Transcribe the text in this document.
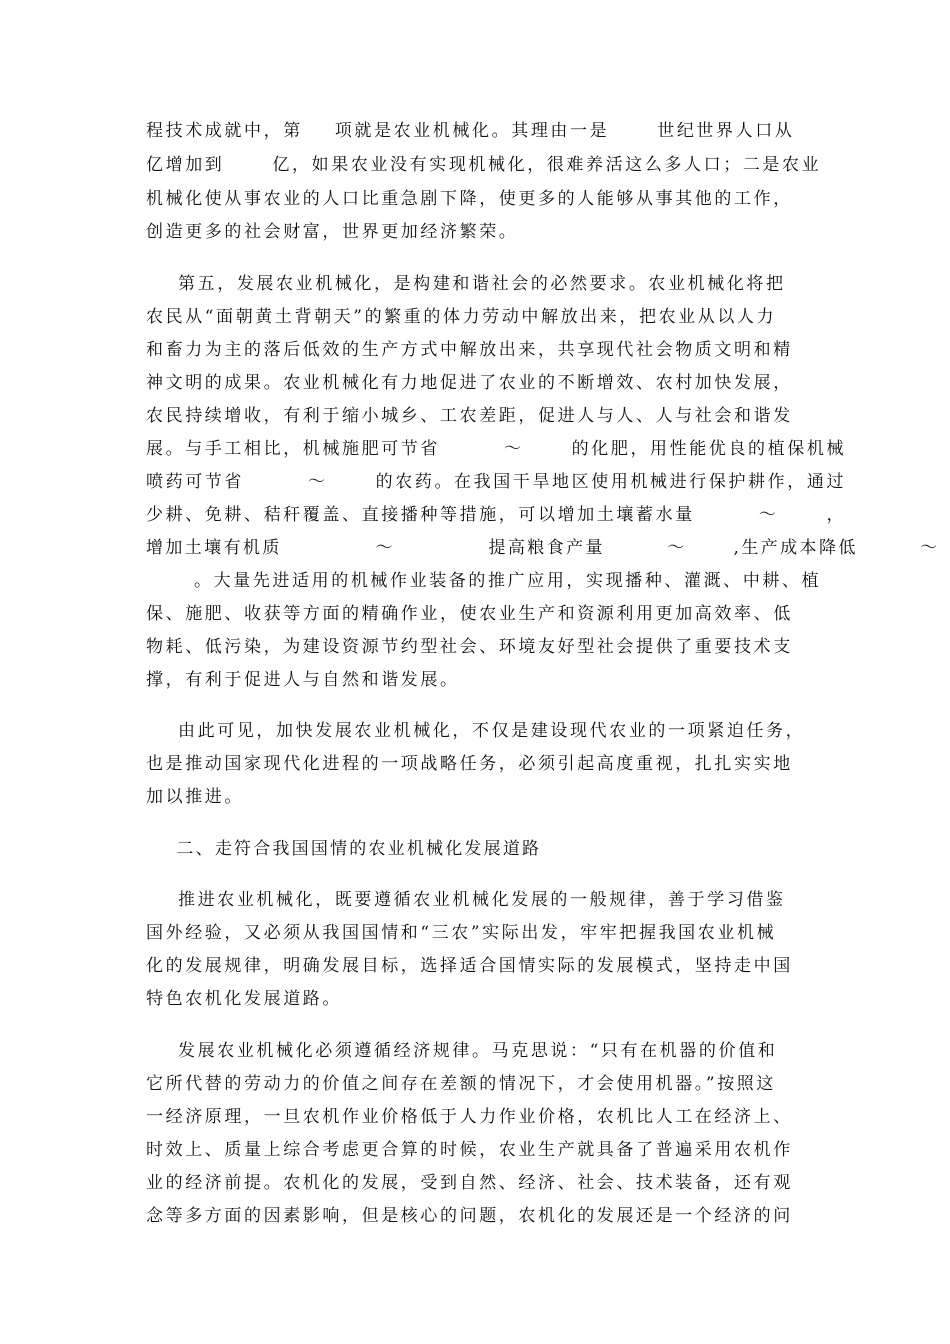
程技术成就中，第    项就是农业机械化。其理由一是      世纪世界人口从
亿增加到      亿，如果农业没有实现机械化，很难养活这么多人口；二是农业
机械化使从事农业的人口比重急剧下降，使更多的人能够从事其他的工作，
创造更多的社会财富，世界更加经济繁荣。
第五，发展农业机械化，是构建和谐社会的必然要求。农业机械化将把
农民从“面朝黄土背朝天”的繁重的体力劳动中解放出来，把农业从以人力
和畜力为主的落后低效的生产方式中解放出来，共享现代社会物质文明和精
神文明的成果。农业机械化有力地促进了农业的不断增效、农村加快发展，
农民持续增收，有利于缩小城乡、工农差距，促进人与人、人与社会和谐发
展。与手工相比，机械施肥可节省        ～      的化肥，用性能优良的植保机械
喷药可节省        ～      的农药。在我国干旱地区使用机械进行保护耕作，通过
少耕、免耕、秸秆覆盖、直接播种等措施，可以增加土壤蓄水量        ～      ，
增加土壤有机质            ～            提高粮食产量        ～      ,生产成本降低        ～
。大量先进适用的机械作业装备的推广应用，实现播种、灌溉、中耕、植
保、施肥、收获等方面的精确作业，使农业生产和资源利用更加高效率、低
物耗、低污染，为建设资源节约型社会、环境友好型社会提供了重要技术支
撑，有利于促进人与自然和谐发展。
由此可见，加快发展农业机械化，不仅是建设现代农业的一项紧迫任务，
也是推动国家现代化进程的一项战略任务，必须引起高度重视，扎扎实实地
加以推进。
二、走符合我国国情的农业机械化发展道路
推进农业机械化，既要遵循农业机械化发展的一般规律，善于学习借鉴
国外经验，又必须从我国国情和“三农”实际出发，牢牢把握我国农业机械
化的发展规律，明确发展目标，选择适合国情实际的发展模式，坚持走中国
特色农机化发展道路。
发展农业机械化必须遵循经济规律。马克思说：“只有在机器的价值和
它所代替的劳动力的价值之间存在差额的情况下，才会使用机器。”按照这
一经济原理，一旦农机作业价格低于人力作业价格，农机比人工在经济上、
时效上、质量上综合考虑更合算的时候，农业生产就具备了普遍采用农机作
业的经济前提。农机化的发展，受到自然、经济、社会、技术装备，还有观
念等多方面的因素影响，但是核心的问题，农机化的发展还是一个经济的问
